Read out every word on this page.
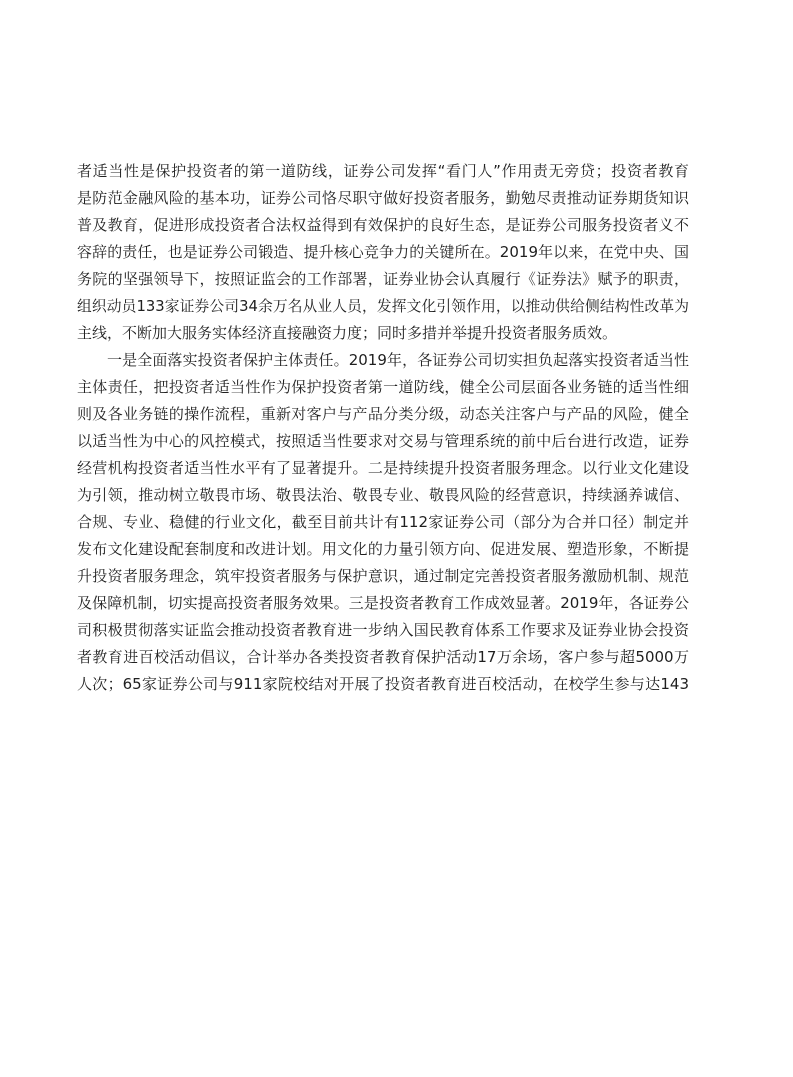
者适当性是保护投资者的第一道防线，证券公司发挥“看门人”作用责无旁贷；投资者教育
是防范金融风险的基本功，证券公司恪尽职守做好投资者服务，勤勉尽责推动证券期货知识
普及教育，促进形成投资者合法权益得到有效保护的良好生态，是证券公司服务投资者义不
容辞的责任，也是证券公司锻造、提升核心竞争力的关键所在。2019年以来，在党中央、国
务院的坚强领导下，按照证监会的工作部署，证券业协会认真履行《证券法》赋予的职责，
组织动员133家证券公司34余万名从业人员，发挥文化引领作用，以推动供给侧结构性改革为
主线，不断加大服务实体经济直接融资力度；同时多措并举提升投资者服务质效。
一是全面落实投资者保护主体责任。2019年，各证券公司切实担负起落实投资者适当性
主体责任，把投资者适当性作为保护投资者第一道防线，健全公司层面各业务链的适当性细
则及各业务链的操作流程，重新对客户与产品分类分级，动态关注客户与产品的风险，健全
以适当性为中心的风控模式，按照适当性要求对交易与管理系统的前中后台进行改造，证券
经营机构投资者适当性水平有了显著提升。二是持续提升投资者服务理念。以行业文化建设
为引领，推动树立敬畏市场、敬畏法治、敬畏专业、敬畏风险的经营意识，持续涵养诚信、
合规、专业、稳健的行业文化，截至目前共计有112家证券公司（部分为合并口径）制定并
发布文化建设配套制度和改进计划。用文化的力量引领方向、促进发展、塑造形象，不断提
升投资者服务理念，筑牢投资者服务与保护意识，通过制定完善投资者服务激励机制、规范
及保障机制，切实提高投资者服务效果。三是投资者教育工作成效显著。2019年，各证券公
司积极贯彻落实证监会推动投资者教育进一步纳入国民教育体系工作要求及证券业协会投资
者教育进百校活动倡议，合计举办各类投资者教育保护活动17万余场，客户参与超5000万
人次；65家证券公司与911家院校结对开展了投资者教育进百校活动，在校学生参与达143
